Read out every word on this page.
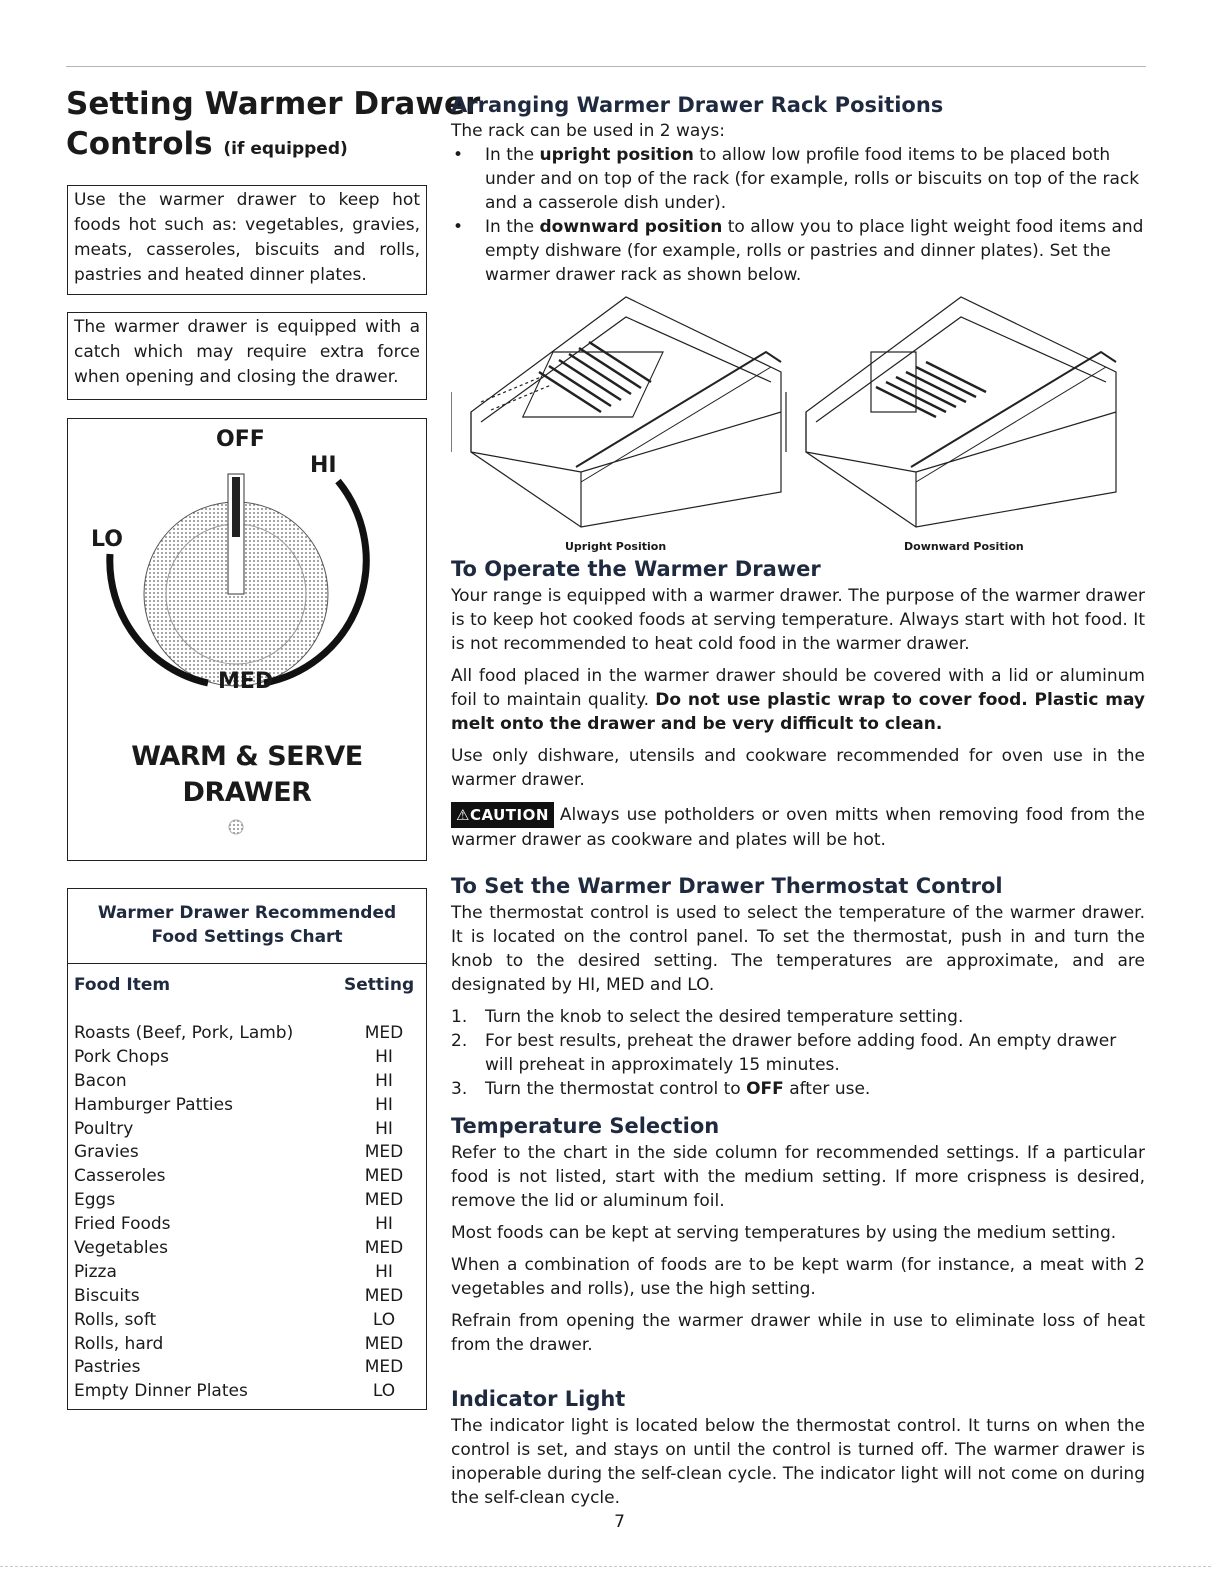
Setting Warmer Drawer
Controls (if equipped)
Use the warmer drawer to keep hot foods hot such as: vegetables, gravies, meats, casseroles, biscuits and rolls, pastries and heated dinner plates.
The warmer drawer is equipped with a catch which may require extra force when opening and closing the drawer.
OFF
HI
LO
MED
WARM & SERVE
DRAWER
Warmer Drawer Recommended
Food Settings Chart
Food Item	Setting
Roasts (Beef, Pork, Lamb)	MED
Pork Chops	HI
Bacon	HI
Hamburger Patties	HI
Poultry	HI
Gravies	MED
Casseroles	MED
Eggs	MED
Fried Foods	HI
Vegetables	MED
Pizza	HI
Biscuits	MED
Rolls, soft	LO
Rolls, hard	MED
Pastries	MED
Empty Dinner Plates	LO
Arranging Warmer Drawer Rack Positions

The rack can be used in 2 ways:

• In the upright position to allow low profile food items to be placed both under and on top of the rack (for example, rolls or biscuits on top of the rack and a casserole dish under).
• In the downward position to allow you to place light weight food items and empty dishware (for example, rolls or pastries and dinner plates). Set the warmer drawer rack as shown below.
Upright Position	Downward Position
To Operate the Warmer Drawer

Your range is equipped with a warmer drawer. The purpose of the warmer drawer is to keep hot cooked foods at serving temperature. Always start with hot food. It is not recommended to heat cold food in the warmer drawer.

All food placed in the warmer drawer should be covered with a lid or aluminum foil to maintain quality. Do not use plastic wrap to cover food. Plastic may melt onto the drawer and be very difficult to clean.

Use only dishware, utensils and cookware recommended for oven use in the warmer drawer.

⚠CAUTION Always use potholders or oven mitts when removing food from the warmer drawer as cookware and plates will be hot.

To Set the Warmer Drawer Thermostat Control

The thermostat control is used to select the temperature of the warmer drawer. It is located on the control panel. To set the thermostat, push in and turn the knob to the desired setting. The temperatures are approximate, and are designated by HI, MED and LO.

1. Turn the knob to select the desired temperature setting.
2. For best results, preheat the drawer before adding food. An empty drawer will preheat in approximately 15 minutes.
3. Turn the thermostat control to OFF after use.
Temperature Selection

Refer to the chart in the side column for recommended settings. If a particular food is not listed, start with the medium setting. If more crispness is desired, remove the lid or aluminum foil.

Most foods can be kept at serving temperatures by using the medium setting.

When a combination of foods are to be kept warm (for instance, a meat with 2 vegetables and rolls), use the high setting.

Refrain from opening the warmer drawer while in use to eliminate loss of heat from the drawer.

Indicator Light

The indicator light is located below the thermostat control. It turns on when the control is set, and stays on until the control is turned off. The warmer drawer is inoperable during the self-clean cycle. The indicator light will not come on during the self-clean cycle.

7
